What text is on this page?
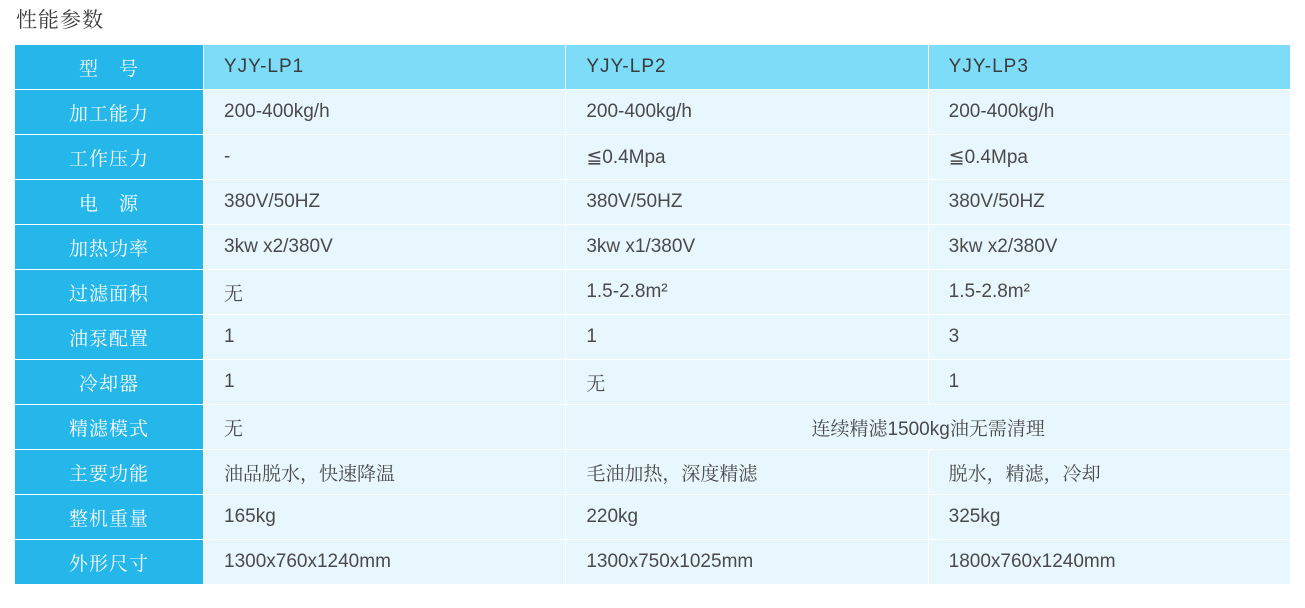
性能参数
型　号	YJY-LP1	YJY-LP2	YJY-LP3
加工能力	200-400kg/h	200-400kg/h	200-400kg/h
工作压力	-	≦0.4Mpa	≦0.4Mpa
电　源	380V/50HZ	380V/50HZ	380V/50HZ
加热功率	3kw x2/380V	3kw x1/380V	3kw x2/380V
过滤面积	无	1.5-2.8m²	1.5-2.8m²
油泵配置	1	1	3
冷却器	1	无	1
精滤模式	无	连续精滤1500kg油无需清理	
主要功能	油品脱水，快速降温	毛油加热，深度精滤	脱水，精滤，冷却
整机重量	165kg	220kg	325kg
外形尺寸	1300x760x1240mm	1300x750x1025mm	1800x760x1240mm
